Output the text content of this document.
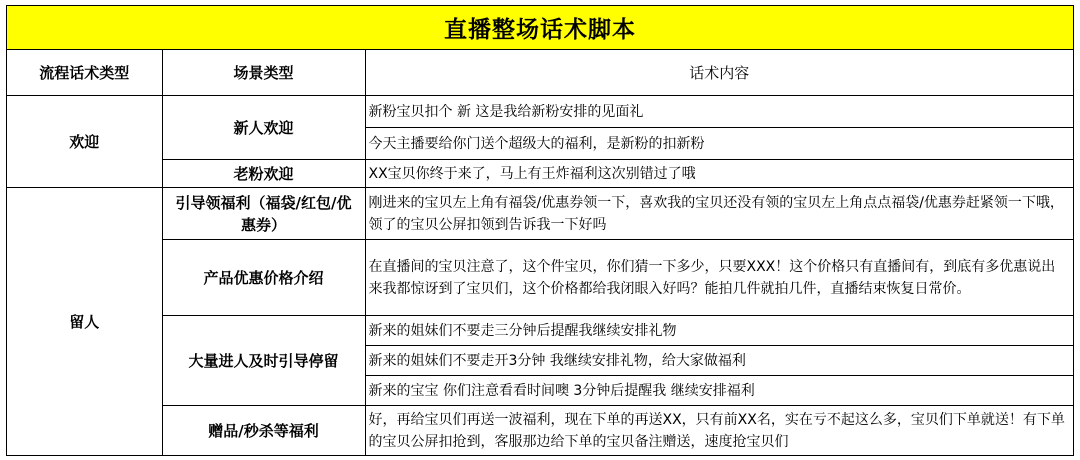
直播整场话术脚本
流程话术类型	场景类型	话术内容
欢迎	新人欢迎	新粉宝贝扣个 新 这是我给新粉安排的见面礼
		今天主播要给你门送个超级大的福利，是新粉的扣新粉
	老粉欢迎	XX宝贝你终于来了，马上有王炸福利这次别错过了哦
留人	引导领福利（福袋/红包/优惠券）	刚进来的宝贝左上角有福袋/优惠券领一下，喜欢我的宝贝还没有领的宝贝左上角点点福袋/优惠券赶紧领一下哦，领了的宝贝公屏扣领到告诉我一下好吗
	产品优惠价格介绍	在直播间的宝贝注意了，这个件宝贝，你们猜一下多少，只要XXX！这个价格只有直播间有，到底有多优惠说出来我都惊讶到了宝贝们，这个价格都给我闭眼入好吗？能拍几件就拍几件，直播结束恢复日常价。
	大量进人及时引导停留	新来的姐妹们不要走三分钟后提醒我继续安排礼物
		新来的姐妹们不要走开3分钟 我继续安排礼物，给大家做福利
		新来的宝宝 你们注意看看时间噢 3分钟后提醒我 继续安排福利
	赠品/秒杀等福利	好，再给宝贝们再送一波福利，现在下单的再送XX，只有前XX名，实在亏不起这么多，宝贝们下单就送！有下单的宝贝公屏扣抢到，客服那边给下单的宝贝备注赠送，速度抢宝贝们
